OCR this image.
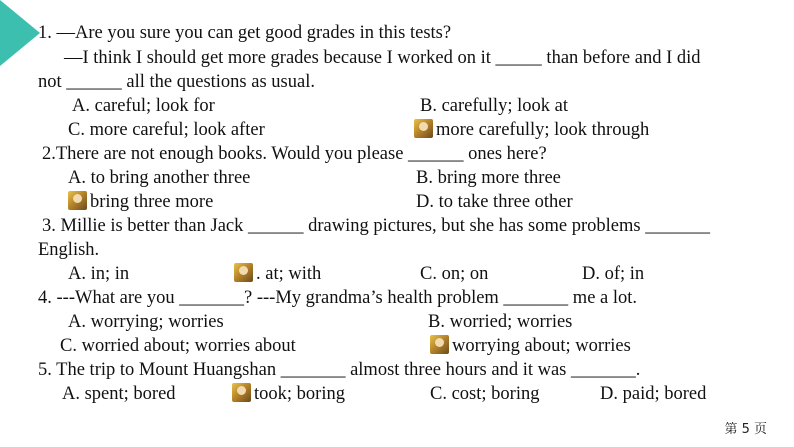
1. —Are you sure you can get good grades in this tests?
—I think I should get more grades because I worked on it _____ than before and I did
not ______ all the questions as usual.
A. careful; look for	B. carefully; look at
C. more careful; look after	more carefully; look through
2.There are not enough books. Would you please ______ ones here?
A. to bring another three	B. bring more three
bring three more	D. to take three other
3. Millie is better than Jack ______ drawing pictures, but she has some problems _______
English.
A. in; in	. at; with	C. on; on	D. of; in
4. ---What are you _______? ---My grandma’s health problem _______ me a lot.
A. worrying; worries	B. worried; worries
C. worried about; worries about	worrying about; worries
5. The trip to Mount Huangshan _______ almost three hours and it was _______.
A. spent; bored	took; boring	C. cost; boring	D. paid; bored
第 5 页
